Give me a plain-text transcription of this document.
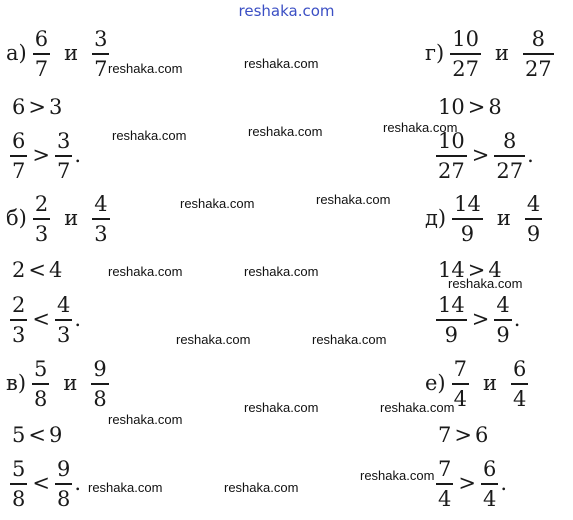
reshaka.com
$а) \frac{6}{7}$ и $\frac{3}{7}$
6 > 3
$\frac{6}{7} > \frac{3}{7}$ .
$б) \frac{2}{3}$ и $\frac{4}{3}$
2 < 4
$\frac{2}{3} < \frac{4}{3}$ .
$в) \frac{5}{8}$ и $\frac{9}{8}$
5 < 9
$\frac{5}{8} < \frac{9}{8}$ .
$г) \frac{10}{27}$ и $\frac{8}{27}$
10 > 8
$\frac{10}{27} > \frac{8}{27}$ .
$д) \frac{14}{9}$ и $\frac{4}{9}$
14 > 4
$\frac{14}{9} > \frac{4}{9}$ .
$е) \frac{7}{4}$ и $\frac{6}{4}$
7 > 6
$\frac{7}{4} > \frac{6}{4}$ .
reshaka.com	reshaka.com
reshaka.com	reshaka.com	reshaka.com
reshaka.com	reshaka.com
reshaka.com	reshaka.com
reshaka.com
reshaka.com	reshaka.com
reshaka.com	reshaka.com
reshaka.com
reshaka.com
reshaka.com	reshaka.com
